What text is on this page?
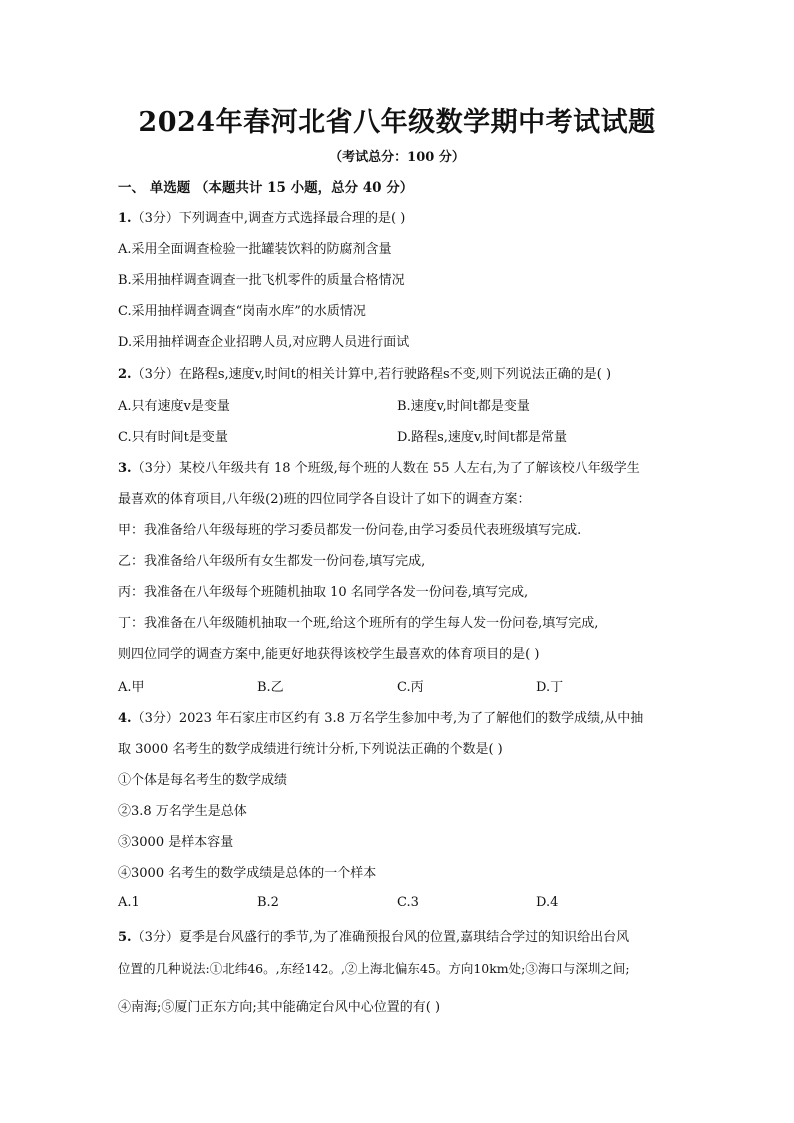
2024年春河北省八年级数学期中考试试题
（考试总分：100 分）
一、 单选题 （本题共计 15 小题，总分 40 分）
1.（3分）下列调查中,调查方式选择最合理的是( )
A.采用全面调查检验一批罐装饮料的防腐剂含量
B.采用抽样调查调查一批飞机零件的质量合格情况
C.采用抽样调查调查“岗南水库”的水质情况
D.采用抽样调查企业招聘人员,对应聘人员进行面试
2.（3分）在路程s,速度v,时间t的相关计算中,若行驶路程s不变,则下列说法正确的是( )
A.只有速度v是变量	B.速度v,时间t都是变量
C.只有时间t是变量	D.路程s,速度v,时间t都是常量
3.（3分）某校八年级共有 18 个班级,每个班的人数在 55 人左右,为了了解该校八年级学生
最喜欢的体育项目,八年级(2)班的四位同学各自设计了如下的调查方案：
甲：我准备给八年级每班的学习委员都发一份问卷,由学习委员代表班级填写完成.
乙：我准备给八年级所有女生都发一份问卷,填写完成,
丙：我准备在八年级每个班随机抽取 10 名同学各发一份问卷,填写完成,
丁：我准备在八年级随机抽取一个班,给这个班所有的学生每人发一份问卷,填写完成,
则四位同学的调查方案中,能更好地获得该校学生最喜欢的体育项目的是( )
A.甲	B.乙	C.丙	D.丁
4.（3分）2023 年石家庄市区约有 3.8 万名学生参加中考,为了了解他们的数学成绩,从中抽
取 3000 名考生的数学成绩进行统计分析,下列说法正确的个数是( )
①个体是每名考生的数学成绩
②3.8 万名学生是总体
③3000 是样本容量
④3000 名考生的数学成绩是总体的一个样本
A.1	B.2	C.3	D.4
5.（3分）夏季是台风盛行的季节,为了准确预报台风的位置,嘉琪结合学过的知识给出台风
位置的几种说法:①北纬46。,东经142。,②上海北偏东45。方向10km处;③海口与深圳之间;
④南海;⑤厦门正东方向;其中能确定台风中心位置的有( )
